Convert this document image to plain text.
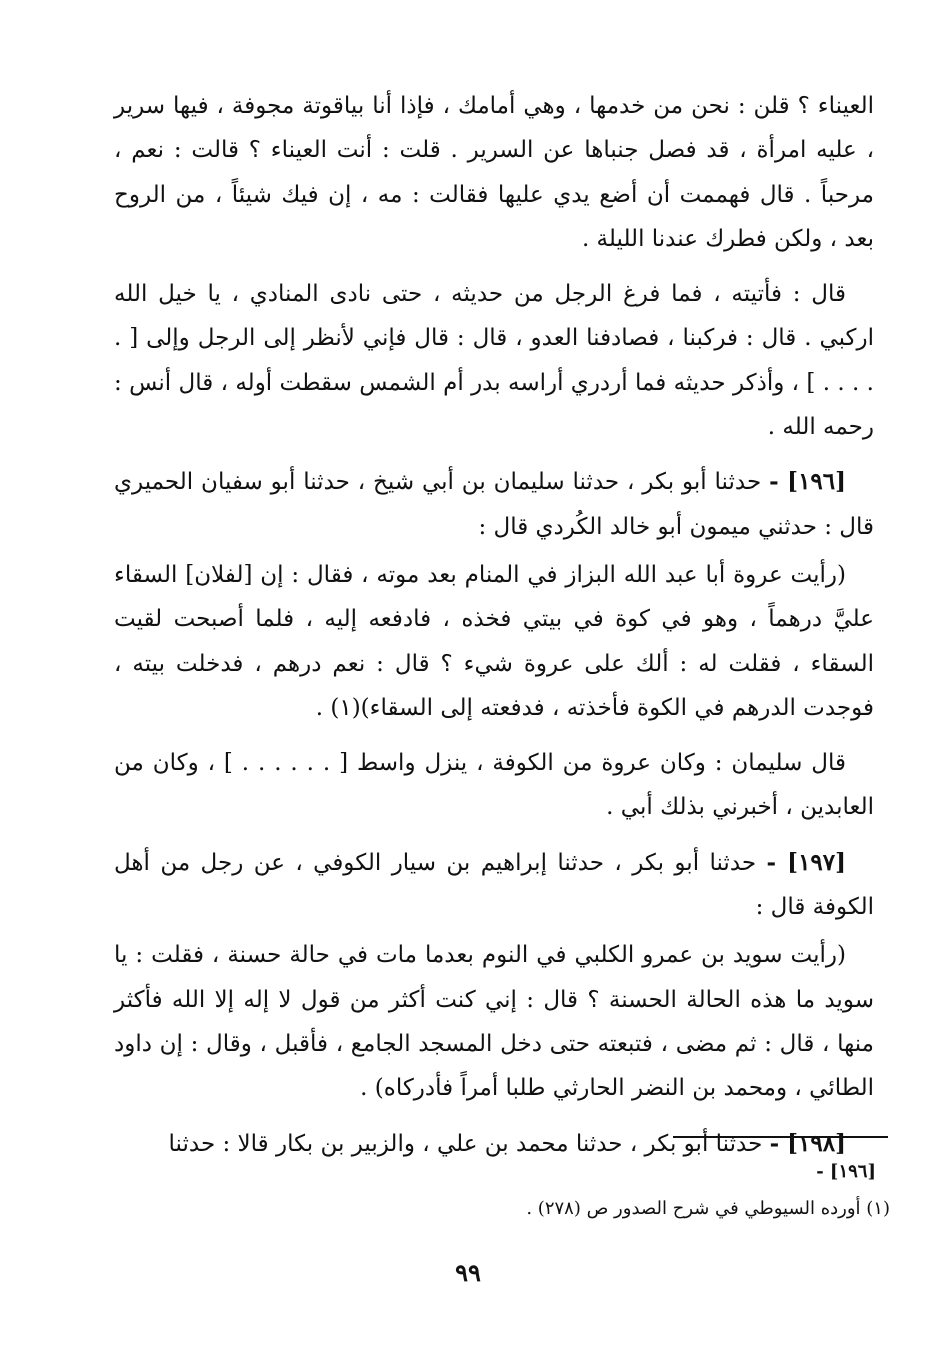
العيناء ؟ قلن : نحن من خدمها ، وهي أمامك ، فإذا أنا بياقوتة مجوفة ، فيها سرير ، عليه امرأة ، قد فصل جنباها عن السرير . قلت : أنت العيناء ؟ قالت : نعم ، مرحباً . قال فهممت أن أضع يدي عليها فقالت : مه ، إن فيك شيئاً ، من الروح بعد ، ولكن فطرك عندنا الليلة .

قال : فأتيته ، فما فرغ الرجل من حديثه ، حتى نادى المنادي ، يا خيل الله اركبي . قال : فركبنا ، فصادفنا العدو ، قال : قال فإني لأنظر إلى الرجل وإلى [ . . . . . ] ، وأذكر حديثه فما أردري أراسه بدر أم الشمس سقطت أوله ، قال أنس : رحمه الله .

[١٩٦] - حدثنا أبو بكر ، حدثنا سليمان بن أبي شيخ ، حدثنا أبو سفيان الحميري قال : حدثني ميمون أبو خالد الكُردي قال :

(رأيت عروة أبا عبد الله البزاز في المنام بعد موته ، فقال : إن [لفلان] السقاء عليَّ درهماً ، وهو في كوة في بيتي فخذه ، فادفعه إليه ، فلما أصبحت لقيت السقاء ، فقلت له : ألك على عروة شيء ؟ قال : نعم درهم ، فدخلت بيته ، فوجدت الدرهم في الكوة فأخذته ، فدفعته إلى السقاء)(١) .

قال سليمان : وكان عروة من الكوفة ، ينزل واسط [ . . . . . . ] ، وكان من العابدين ، أخبرني بذلك أبي .

[١٩٧] - حدثنا أبو بكر ، حدثنا إبراهيم بن سيار الكوفي ، عن رجل من أهل الكوفة قال :

(رأيت سويد بن عمرو الكلبي في النوم بعدما مات في حالة حسنة ، فقلت : يا سويد ما هذه الحالة الحسنة ؟ قال : إني كنت أكثر من قول لا إله إلا الله فأكثر منها ، قال : ثم مضى ، فتبعته حتى دخل المسجد الجامع ، فأقبل ، وقال : إن داود الطائي ، ومحمد بن النضر الحارثي طلبا أمراً فأدركاه) .

[١٩٨] - حدثنا أبو بكر ، حدثنا محمد بن علي ، والزبير بن بكار قالا : حدثنا

[١٩٦] -

(١) أورده السيوطي في شرح الصدور ص (٢٧٨) .

٩٩
